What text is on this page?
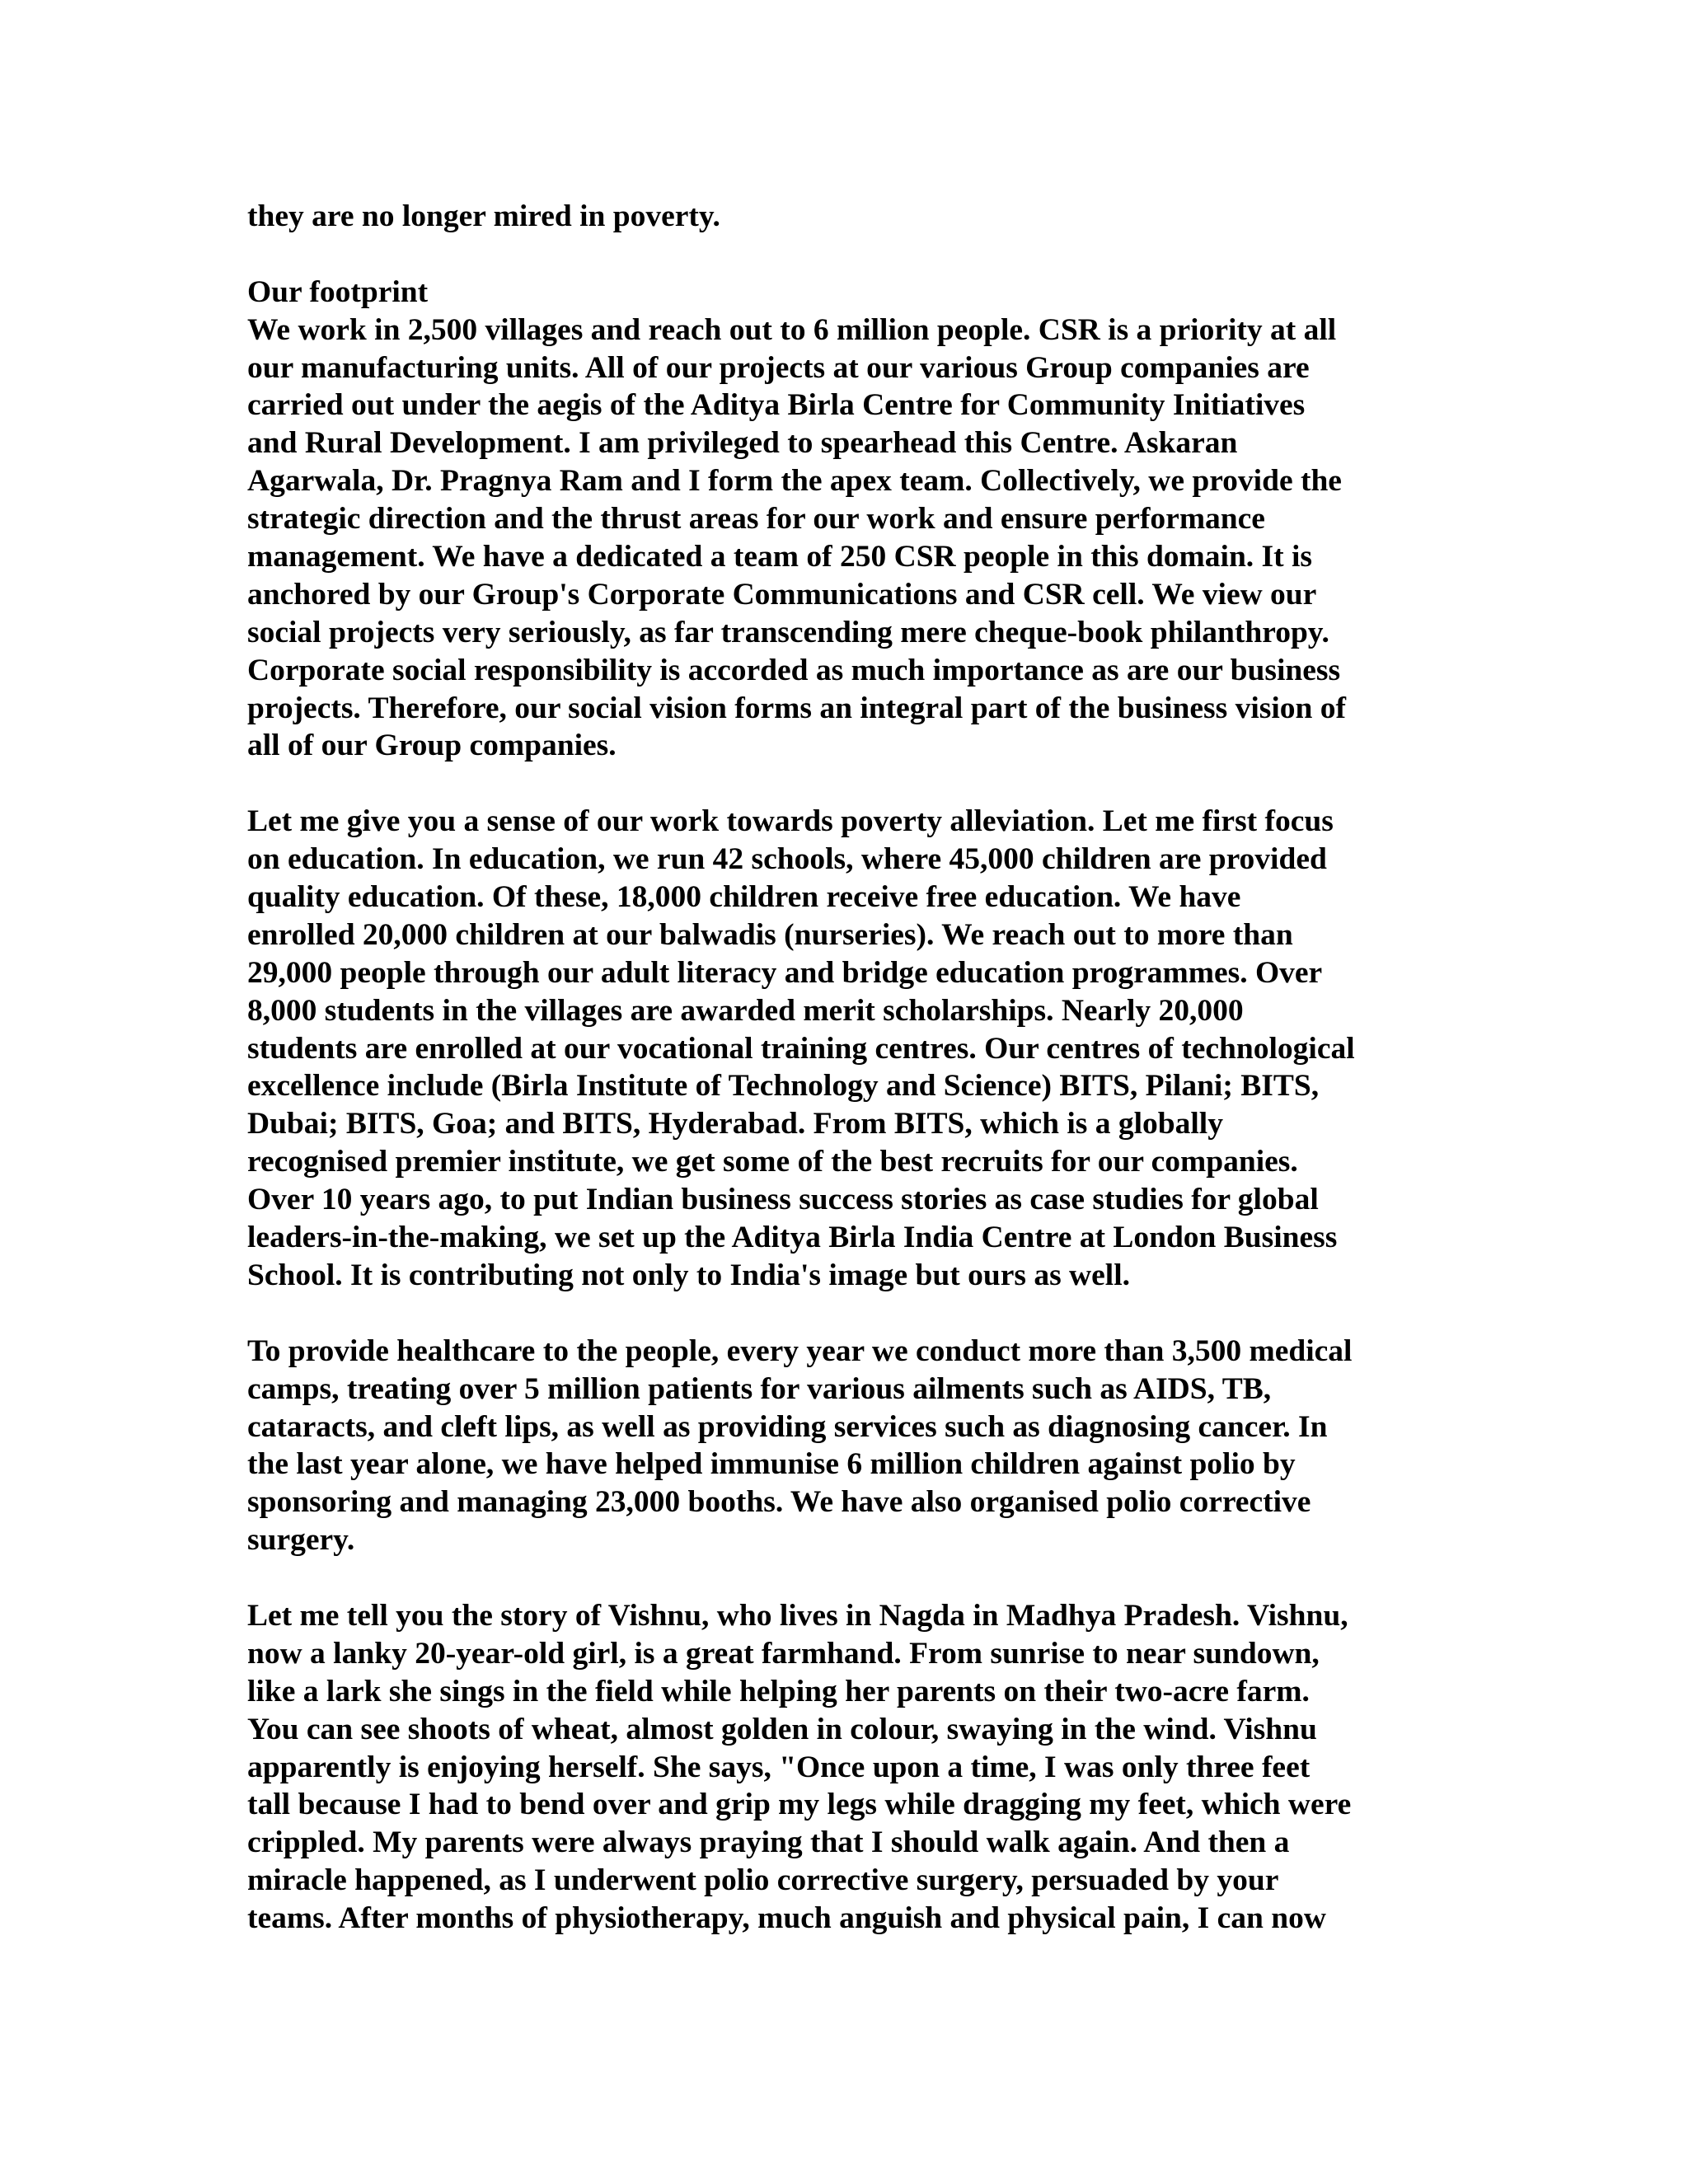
they are no longer mired in poverty.
Our footprint
We work in 2,500 villages and reach out to 6 million people. CSR is a priority at all
our manufacturing units. All of our projects at our various Group companies are
carried out under the aegis of the Aditya Birla Centre for Community Initiatives
and Rural Development. I am privileged to spearhead this Centre. Askaran
Agarwala, Dr. Pragnya Ram and I form the apex team. Collectively, we provide the
strategic direction and the thrust areas for our work and ensure performance
management. We have a dedicated a team of 250 CSR people in this domain. It is
anchored by our Group's Corporate Communications and CSR cell. We view our
social projects very seriously, as far transcending mere cheque-book philanthropy.
Corporate social responsibility is accorded as much importance as are our business
projects. Therefore, our social vision forms an integral part of the business vision of
all of our Group companies.
Let me give you a sense of our work towards poverty alleviation. Let me first focus
on education. In education, we run 42 schools, where 45,000 children are provided
quality education. Of these, 18,000 children receive free education. We have
enrolled 20,000 children at our balwadis (nurseries). We reach out to more than
29,000 people through our adult literacy and bridge education programmes. Over
8,000 students in the villages are awarded merit scholarships. Nearly 20,000
students are enrolled at our vocational training centres. Our centres of technological
excellence include (Birla Institute of Technology and Science) BITS, Pilani; BITS,
Dubai; BITS, Goa; and BITS, Hyderabad. From BITS, which is a globally
recognised premier institute, we get some of the best recruits for our companies.
Over 10 years ago, to put Indian business success stories as case studies for global
leaders-in-the-making, we set up the Aditya Birla India Centre at London Business
School. It is contributing not only to India's image but ours as well.
To provide healthcare to the people, every year we conduct more than 3,500 medical
camps, treating over 5 million patients for various ailments such as AIDS, TB,
cataracts, and cleft lips, as well as providing services such as diagnosing cancer. In
the last year alone, we have helped immunise 6 million children against polio by
sponsoring and managing 23,000 booths. We have also organised polio corrective
surgery.
Let me tell you the story of Vishnu, who lives in Nagda in Madhya Pradesh. Vishnu,
now a lanky 20-year-old girl, is a great farmhand. From sunrise to near sundown,
like a lark she sings in the field while helping her parents on their two-acre farm.
You can see shoots of wheat, almost golden in colour, swaying in the wind. Vishnu
apparently is enjoying herself. She says, "Once upon a time, I was only three feet
tall because I had to bend over and grip my legs while dragging my feet, which were
crippled. My parents were always praying that I should walk again. And then a
miracle happened, as I underwent polio corrective surgery, persuaded by your
teams. After months of physiotherapy, much anguish and physical pain, I can now
